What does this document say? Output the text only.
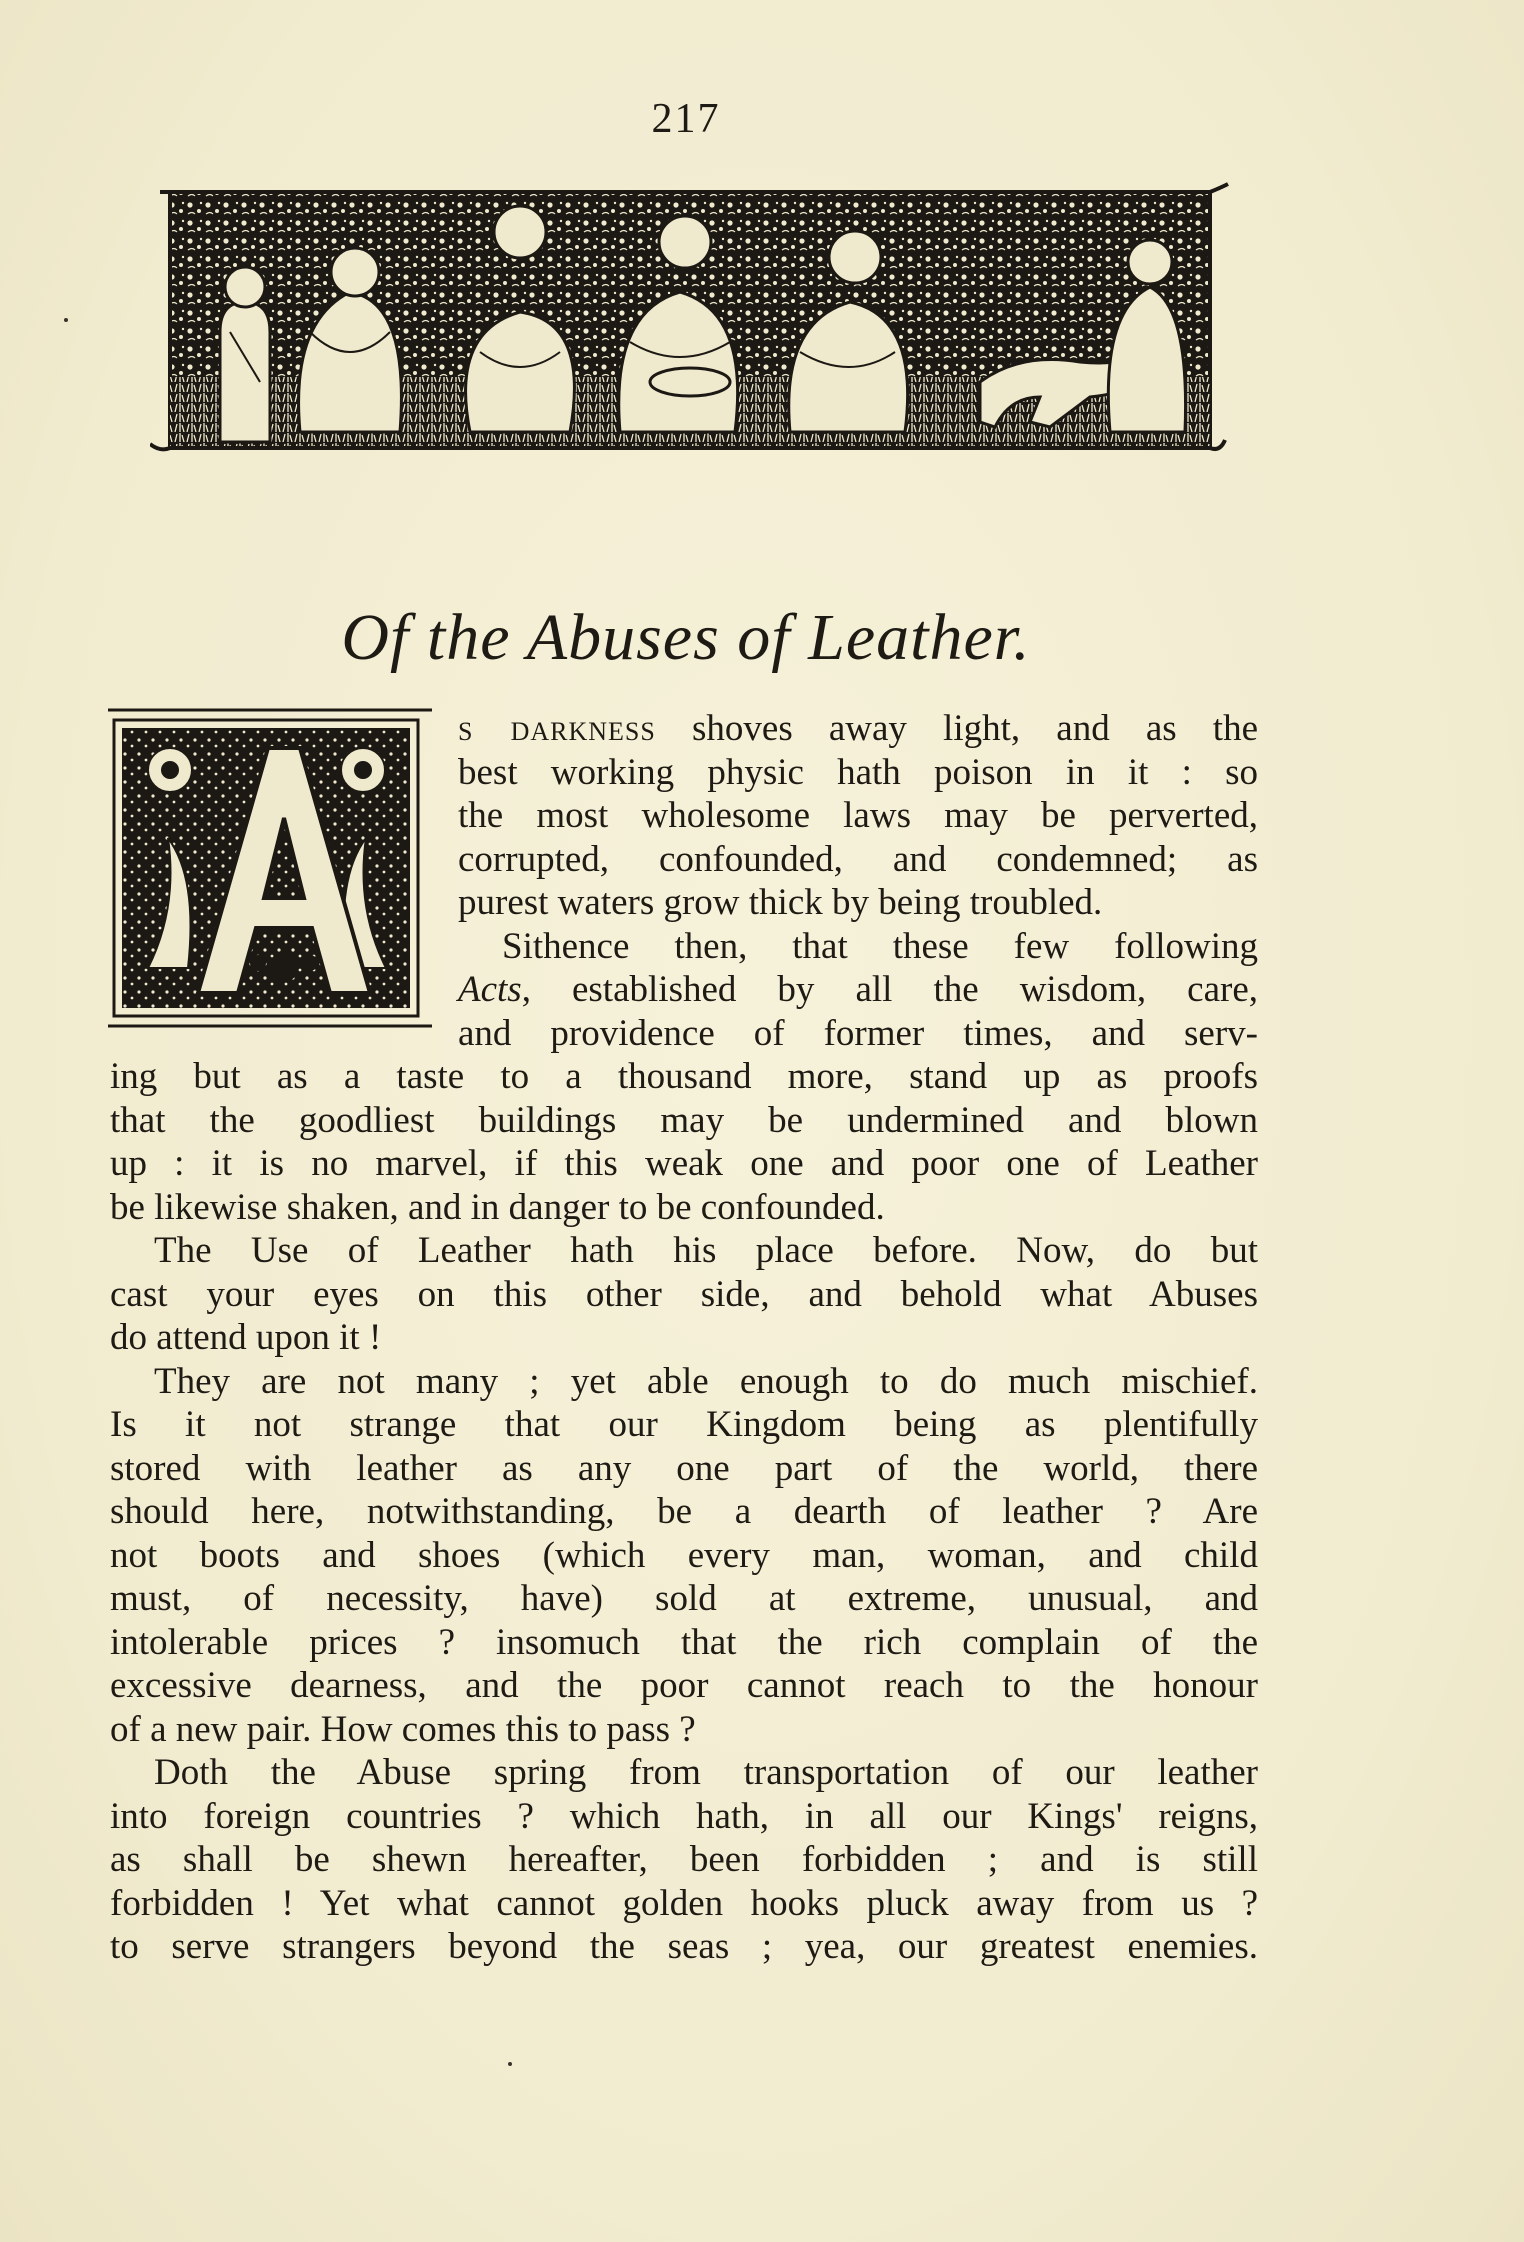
217
Of the Abuses of Leather.
s darkness shoves away light, and as the
best working physic hath poison in it : so
the most wholesome laws may be perverted,
corrupted, confounded, and condemned; as
purest waters grow thick by being troubled.
Sithence then, that these few following
Acts, established by all the wisdom, care,
and providence of former times, and serv-
ing but as a taste to a thousand more, stand up as proofs
that the goodliest buildings may be undermined and blown
up : it is no marvel, if this weak one and poor one of Leather
be likewise shaken, and in danger to be confounded.
The Use of Leather hath his place before. Now, do but
cast your eyes on this other side, and behold what Abuses
do attend upon it !
They are not many ; yet able enough to do much mischief.
Is it not strange that our Kingdom being as plentifully
stored with leather as any one part of the world, there
should here, notwithstanding, be a dearth of leather ? Are
not boots and shoes (which every man, woman, and child
must, of necessity, have) sold at extreme, unusual, and
intolerable prices ? insomuch that the rich complain of the
excessive dearness, and the poor cannot reach to the honour
of a new pair. How comes this to pass ?
Doth the Abuse spring from transportation of our leather
into foreign countries ? which hath, in all our Kings' reigns,
as shall be shewn hereafter, been forbidden ; and is still
forbidden ! Yet what cannot golden hooks pluck away from us ?
to serve strangers beyond the seas ; yea, our greatest enemies.
